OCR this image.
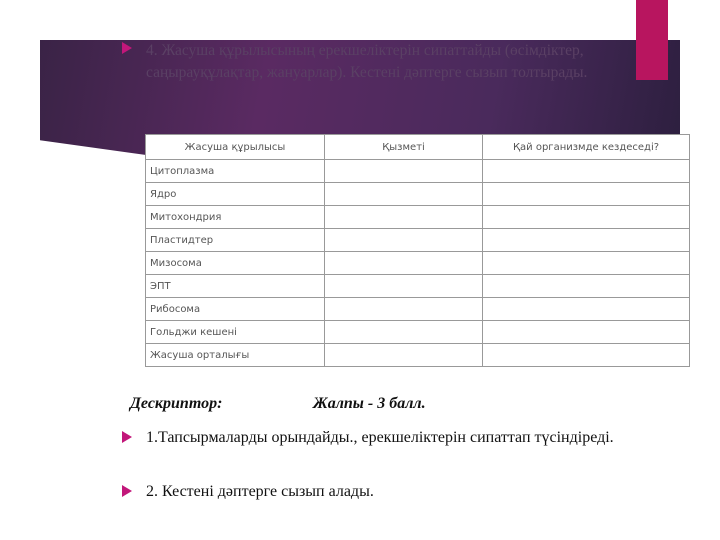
4. Жасуша құрылысының ерекшеліктерін сипаттайды (өсімдіктер, саңырауқұлақтар, жануарлар). Кестені дәптерге сызып толтырады.
Жасуша құрылысы	Қызметі	Қай организмде кездеседі?
Цитоплазма		
Ядро		
Митохондрия		
Пластидтер		
Мизосома		
ЭПТ		
Рибосома		
Гольджи кешені		
Жасуша орталығы		
Дескриптор:	Жалпы - 3 балл.
1.Тапсырмаларды орындайды., ерекшеліктерін сипаттап түсіндіреді.
2. Кестені дәптерге сызып алады.
